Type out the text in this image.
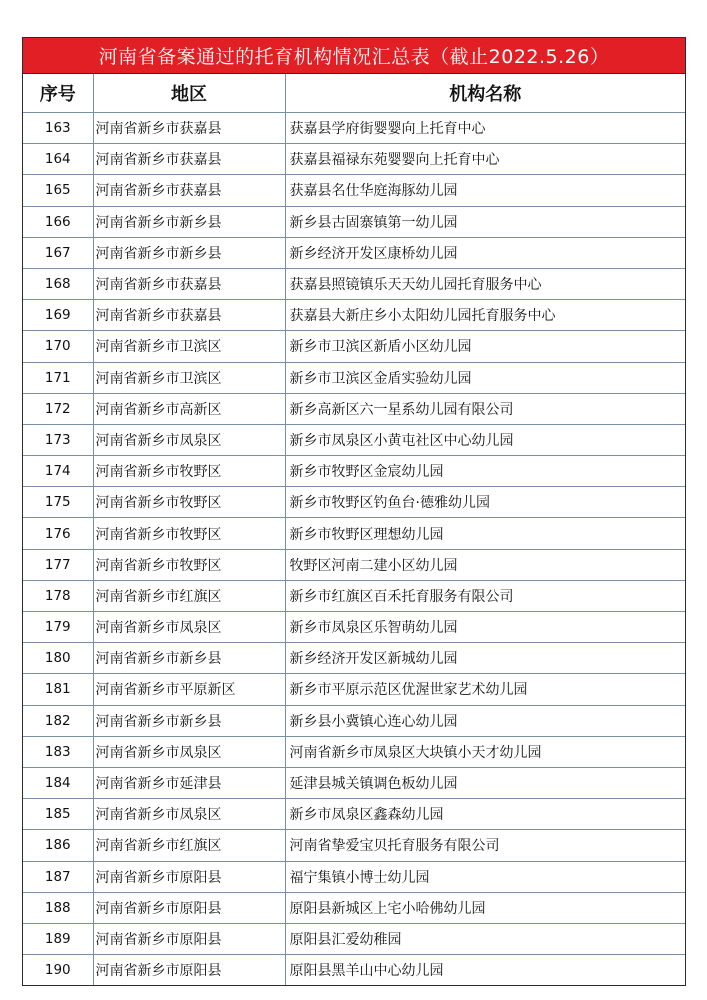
河南省备案通过的托育机构情况汇总表（截止2022.5.26）
序号	地区	机构名称
163	河南省新乡市获嘉县	获嘉县学府街婴婴向上托育中心
164	河南省新乡市获嘉县	获嘉县福禄东苑婴婴向上托育中心
165	河南省新乡市获嘉县	获嘉县名仕华庭海豚幼儿园
166	河南省新乡市新乡县	新乡县古固寨镇第一幼儿园
167	河南省新乡市新乡县	新乡经济开发区康桥幼儿园
168	河南省新乡市获嘉县	获嘉县照镜镇乐天天幼儿园托育服务中心
169	河南省新乡市获嘉县	获嘉县大新庄乡小太阳幼儿园托育服务中心
170	河南省新乡市卫滨区	新乡市卫滨区新盾小区幼儿园
171	河南省新乡市卫滨区	新乡市卫滨区金盾实验幼儿园
172	河南省新乡市高新区	新乡高新区六一星系幼儿园有限公司
173	河南省新乡市凤泉区	新乡市凤泉区小黄屯社区中心幼儿园
174	河南省新乡市牧野区	新乡市牧野区金宸幼儿园
175	河南省新乡市牧野区	新乡市牧野区钓鱼台·德雅幼儿园
176	河南省新乡市牧野区	新乡市牧野区理想幼儿园
177	河南省新乡市牧野区	牧野区河南二建小区幼儿园
178	河南省新乡市红旗区	新乡市红旗区百禾托育服务有限公司
179	河南省新乡市凤泉区	新乡市凤泉区乐智萌幼儿园
180	河南省新乡市新乡县	新乡经济开发区新城幼儿园
181	河南省新乡市平原新区	新乡市平原示范区优渥世家艺术幼儿园
182	河南省新乡市新乡县	新乡县小冀镇心连心幼儿园
183	河南省新乡市凤泉区	河南省新乡市凤泉区大块镇小天才幼儿园
184	河南省新乡市延津县	延津县城关镇调色板幼儿园
185	河南省新乡市凤泉区	新乡市凤泉区鑫森幼儿园
186	河南省新乡市红旗区	河南省挚爱宝贝托育服务有限公司
187	河南省新乡市原阳县	福宁集镇小博士幼儿园
188	河南省新乡市原阳县	原阳县新城区上宅小哈佛幼儿园
189	河南省新乡市原阳县	原阳县汇爱幼稚园
190	河南省新乡市原阳县	原阳县黑羊山中心幼儿园
